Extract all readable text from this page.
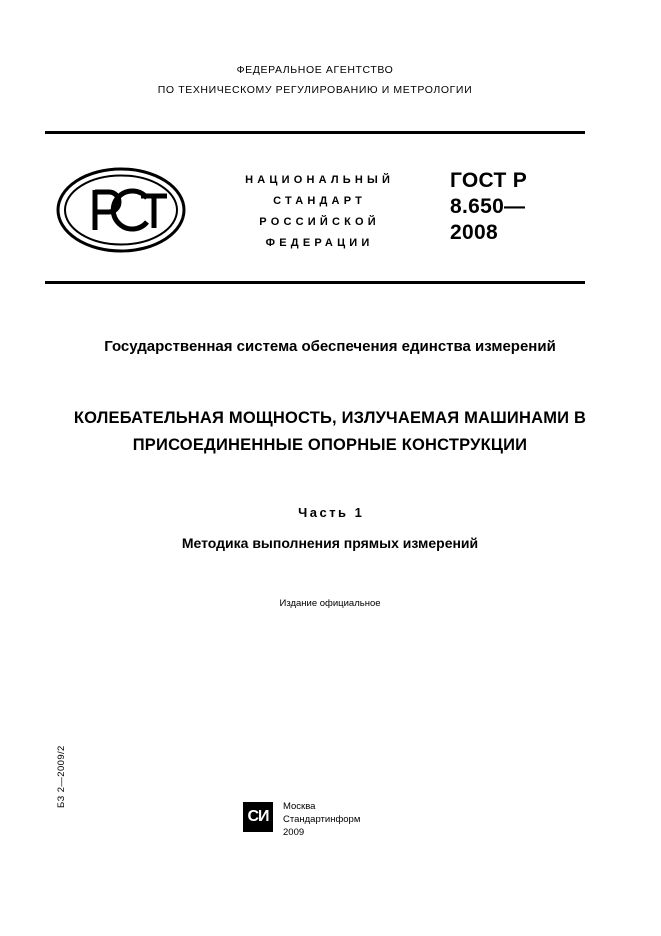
ФЕДЕРАЛЬНОЕ АГЕНТСТВО
ПО ТЕХНИЧЕСКОМУ РЕГУЛИРОВАНИЮ И МЕТРОЛОГИИ
НАЦИОНАЛЬНЫЙ
СТАНДАРТ
РОССИЙСКОЙ
ФЕДЕРАЦИИ
ГОСТ Р
8.650—
2008
Государственная система обеспечения единства измерений
КОЛЕБАТЕЛЬНАЯ МОЩНОСТЬ, ИЗЛУЧАЕМАЯ МАШИНАМИ В ПРИСОЕДИНЕННЫЕ ОПОРНЫЕ КОНСТРУКЦИИ
Часть 1
Методика выполнения прямых измерений
Издание официальное
БЗ 2—2009/2
СИ
Москва
Стандартинформ
2009
